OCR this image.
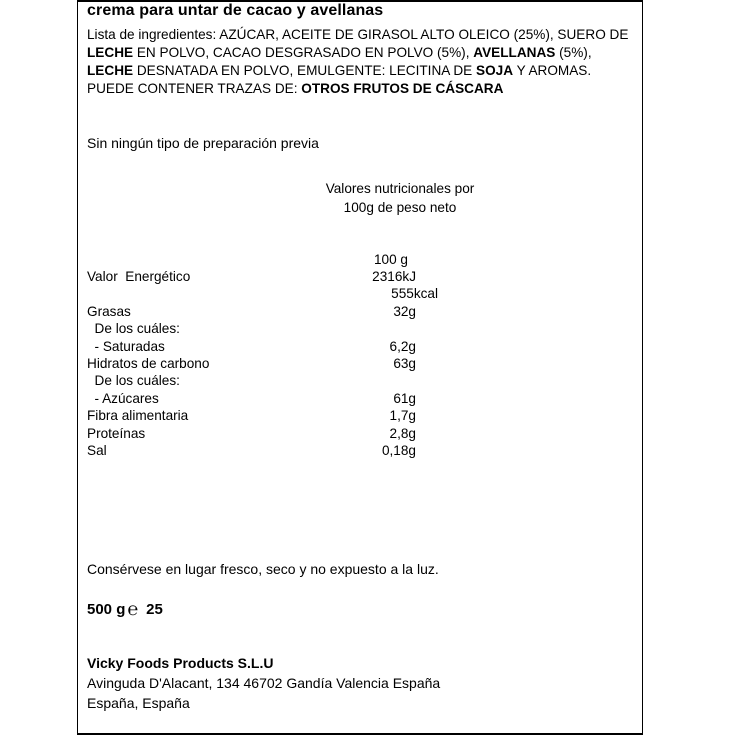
crema para untar de cacao y avellanas
Lista de ingredientes: AZÚCAR, ACEITE DE GIRASOL ALTO OLEICO (25%), SUERO DE LECHE EN POLVO, CACAO DESGRASADO EN POLVO (5%), AVELLANAS (5%), LECHE DESNATADA EN POLVO, EMULGENTE: LECITINA DE SOJA Y AROMAS. PUEDE CONTENER TRAZAS DE: OTROS FRUTOS DE CÁSCARA
Sin ningún tipo de preparación previa
Valores nutricionales por
100g de peso neto
100 g
Valor  Energético	2316kJ
555kcal
Grasas	32g
De los cuáles:
- Saturadas	6,2g
Hidratos de carbono	63g
De los cuáles:
- Azúcares	61g
Fibra alimentaria	1,7g
Proteínas	2,8g
Sal	0,18g
Consérvese en lugar fresco, seco y no expuesto a la luz.
500 g ℮ 25
Vicky Foods Products S.L.U
Avinguda D'Alacant, 134 46702 Gandía Valencia España
España, España
